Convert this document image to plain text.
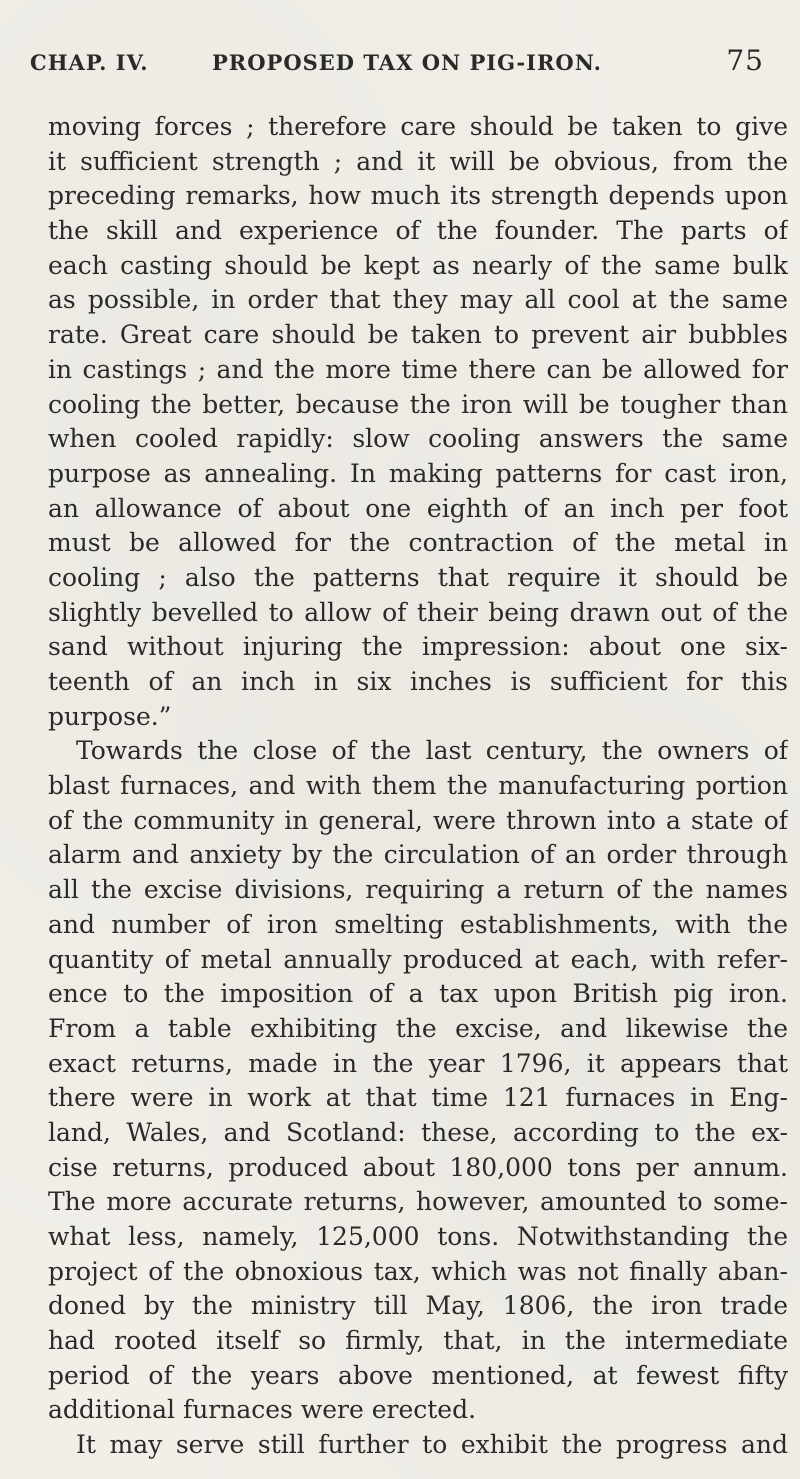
CHAP. IV.	PROPOSED TAX ON PIG-IRON.	75
moving forces ; therefore care should be taken to give
it sufficient strength ; and it will be obvious, from the
preceding remarks, how much its strength depends upon
the skill and experience of the founder. The parts of
each casting should be kept as nearly of the same bulk
as possible, in order that they may all cool at the same
rate. Great care should be taken to prevent air bubbles
in castings ; and the more time there can be allowed for
cooling the better, because the iron will be tougher than
when cooled rapidly: slow cooling answers the same
purpose as annealing. In making patterns for cast iron,
an allowance of about one eighth of an inch per foot
must be allowed for the contraction of the metal in
cooling ; also the patterns that require it should be
slightly bevelled to allow of their being drawn out of the
sand without injuring the impression: about one six-
teenth of an inch in six inches is sufficient for this
purpose.”
Towards the close of the last century, the owners of
blast furnaces, and with them the manufacturing portion
of the community in general, were thrown into a state of
alarm and anxiety by the circulation of an order through
all the excise divisions, requiring a return of the names
and number of iron smelting establishments, with the
quantity of metal annually produced at each, with refer-
ence to the imposition of a tax upon British pig iron.
From a table exhibiting the excise, and likewise the
exact returns, made in the year 1796, it appears that
there were in work at that time 121 furnaces in Eng-
land, Wales, and Scotland: these, according to the ex-
cise returns, produced about 180,000 tons per annum.
The more accurate returns, however, amounted to some-
what less, namely, 125,000 tons. Notwithstanding the
project of the obnoxious tax, which was not finally aban-
doned by the ministry till May, 1806, the iron trade
had rooted itself so firmly, that, in the intermediate
period of the years above mentioned, at fewest fifty
additional furnaces were erected.
It may serve still further to exhibit the progress and
